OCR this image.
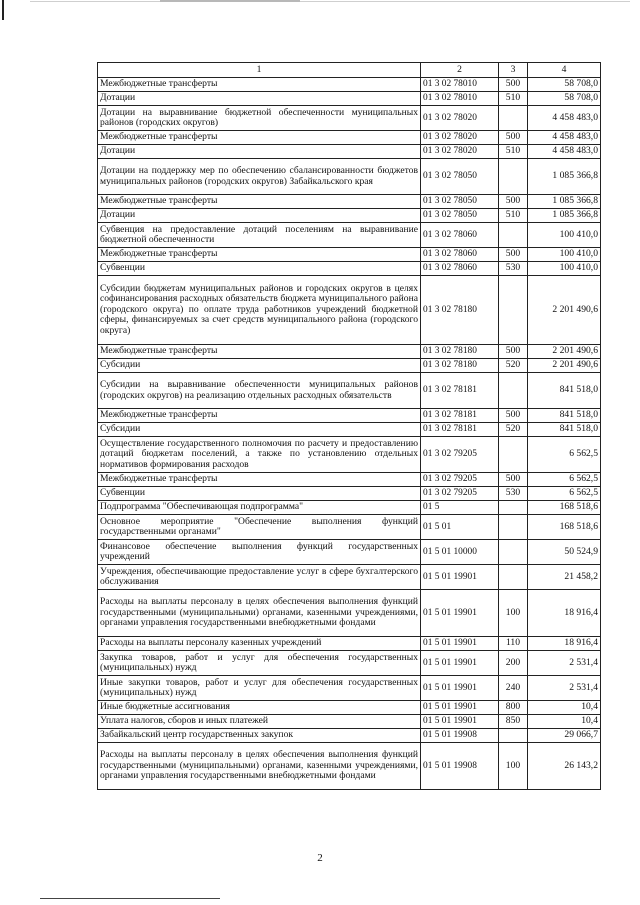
1	2	3	4
Межбюджетные трансферты	01 3 02 78010	500	58 708,0
Дотации	01 3 02 78010	510	58 708,0
Дотации на выравнивание бюджетной обеспеченности муниципальных районов (городских округов)	01 3 02 78020		4 458 483,0
Межбюджетные трансферты	01 3 02 78020	500	4 458 483,0
Дотации	01 3 02 78020	510	4 458 483,0
Дотации на поддержку мер по обеспечению сбалансированности бюджетов муниципальных районов (городских округов) Забайкальского края	01 3 02 78050		1 085 366,8
Межбюджетные трансферты	01 3 02 78050	500	1 085 366,8
Дотации	01 3 02 78050	510	1 085 366,8
Субвенция на предоставление дотаций поселениям на выравнивание бюджетной обеспеченности	01 3 02 78060		100 410,0
Межбюджетные трансферты	01 3 02 78060	500	100 410,0
Субвенции	01 3 02 78060	530	100 410,0
Субсидии бюджетам муниципальных районов и городских округов в целях софинансирования расходных обязательств бюджета муниципального района (городского округа) по оплате труда работников учреждений бюджетной сферы, финансируемых за счет средств муниципального района (городского округа)	01 3 02 78180		2 201 490,6
Межбюджетные трансферты	01 3 02 78180	500	2 201 490,6
Субсидии	01 3 02 78180	520	2 201 490,6
Субсидии на выравнивание обеспеченности муниципальных районов (городских округов) на реализацию отдельных расходных обязательств	01 3 02 78181		841 518,0
Межбюджетные трансферты	01 3 02 78181	500	841 518,0
Субсидии	01 3 02 78181	520	841 518,0
Осуществление государственного полномочия по расчету и предоставлению дотаций бюджетам поселений, а также по установлению отдельных нормативов формирования расходов	01 3 02 79205		6 562,5
Межбюджетные трансферты	01 3 02 79205	500	6 562,5
Субвенции	01 3 02 79205	530	6 562,5
Подпрограмма "Обеспечивающая подпрограмма"	01 5		168 518,6
Основное мероприятие "Обеспечение выполнения функций государственными органами"	01 5 01		168 518,6
Финансовое обеспечение выполнения функций государственных учреждений	01 5 01 10000		50 524,9
Учреждения, обеспечивающие предоставление услуг в сфере бухгалтерского обслуживания	01 5 01 19901		21 458,2
Расходы на выплаты персоналу в целях обеспечения выполнения функций государственными (муниципальными) органами, казенными учреждениями, органами управления государственными внебюджетными фондами	01 5 01 19901	100	18 916,4
Расходы на выплаты персоналу казенных учреждений	01 5 01 19901	110	18 916,4
Закупка товаров, работ и услуг для обеспечения государственных (муниципальных) нужд	01 5 01 19901	200	2 531,4
Иные закупки товаров, работ и услуг для обеспечения государственных (муниципальных) нужд	01 5 01 19901	240	2 531,4
Иные бюджетные ассигнования	01 5 01 19901	800	10,4
Уплата налогов, сборов и иных платежей	01 5 01 19901	850	10,4
Забайкальский центр государственных закупок	01 5 01 19908		29 066,7
Расходы на выплаты персоналу в целях обеспечения выполнения функций государственными (муниципальными) органами, казенными учреждениями, органами управления государственными внебюджетными фондами	01 5 01 19908	100	26 143,2
2
